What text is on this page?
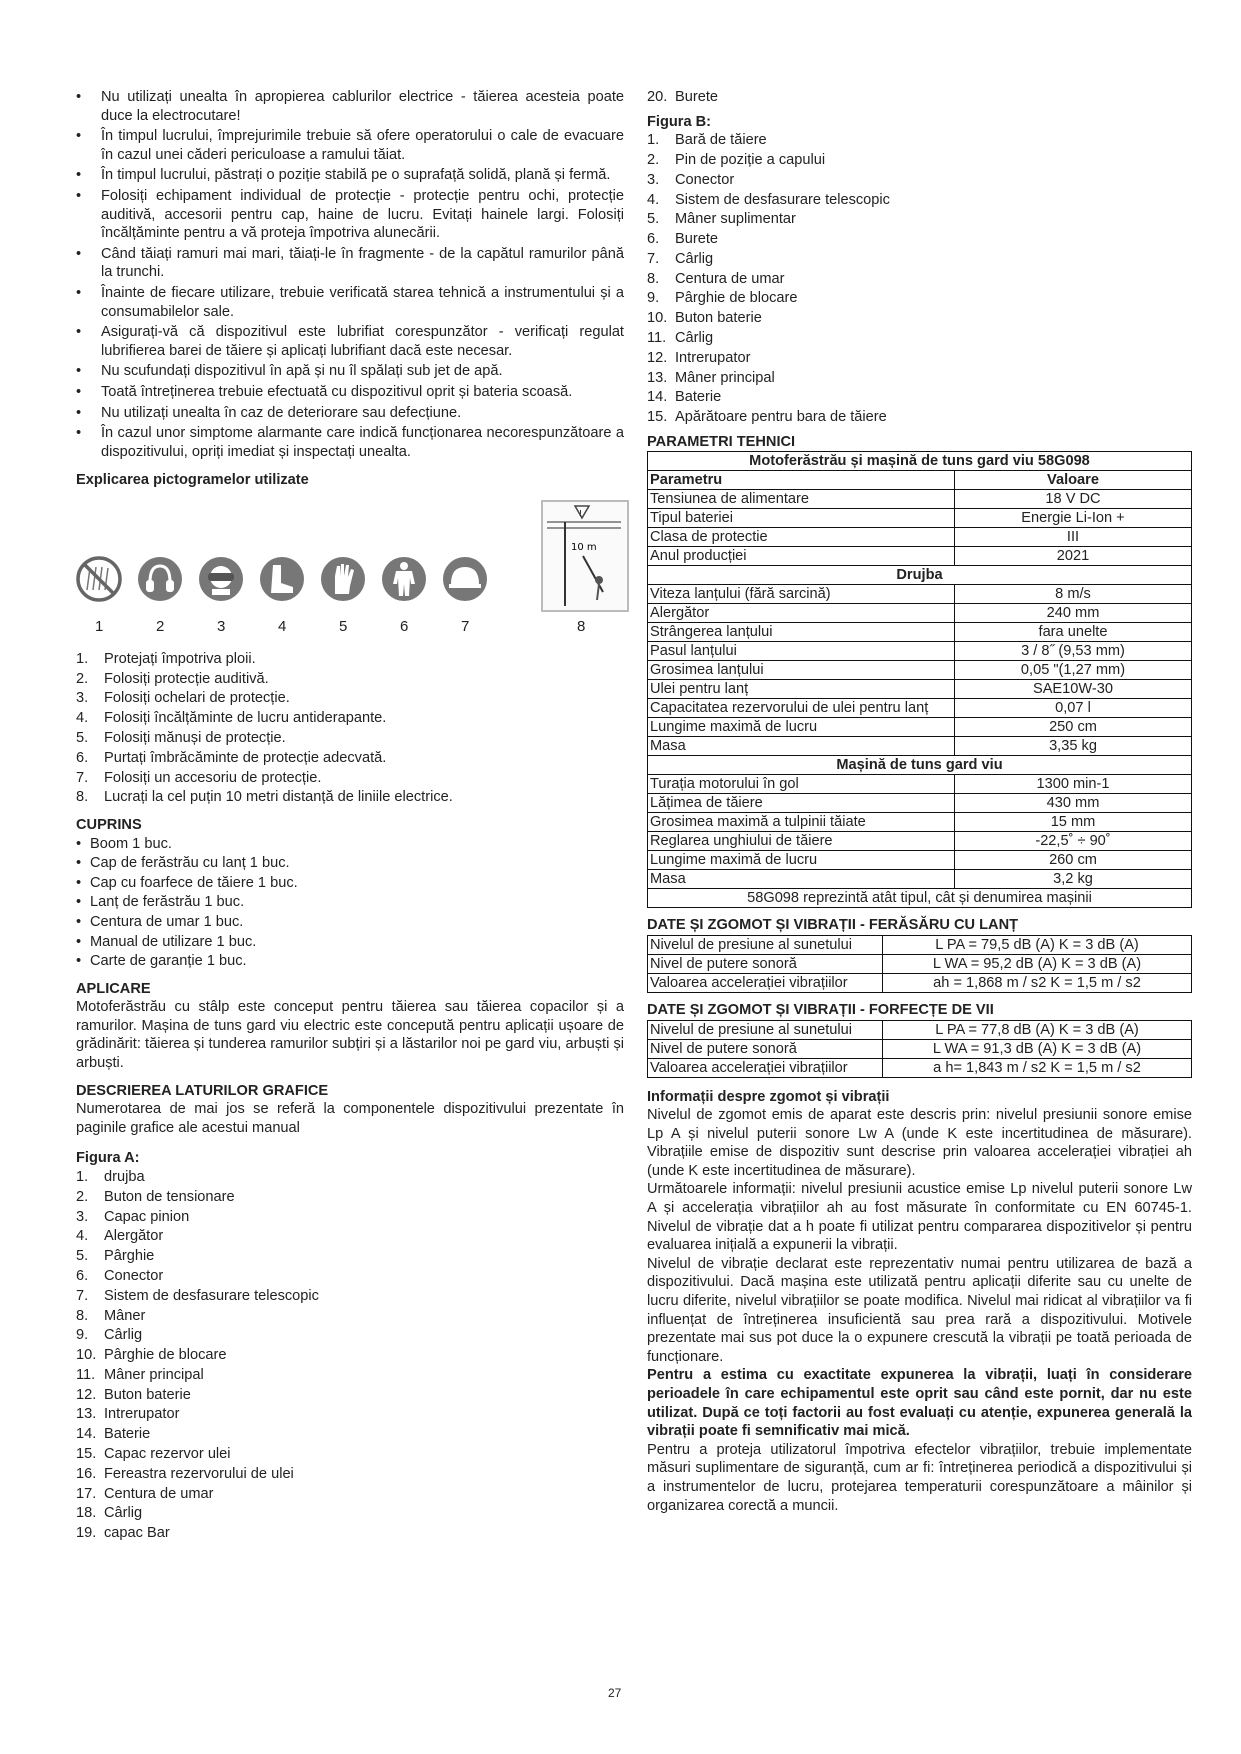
• Nu utilizați unealta în apropierea cablurilor electrice - tăierea acesteia poate duce la electrocutare!
• În timpul lucrului, împrejurimile trebuie să ofere operatorului o cale de evacuare în cazul unei căderi periculoase a ramului tăiat.
• În timpul lucrului, păstrați o poziție stabilă pe o suprafață solidă, plană și fermă.
• Folosiți echipament individual de protecție - protecție pentru ochi, protecție auditivă, accesorii pentru cap, haine de lucru. Evitați hainele largi. Folosiți încălțăminte pentru a vă proteja împotriva alunecării.
• Când tăiați ramuri mai mari, tăiați-le în fragmente - de la capătul ramurilor până la trunchi.
• Înainte de fiecare utilizare, trebuie verificată starea tehnică a instrumentului și a consumabilelor sale.
• Asigurați-vă că dispozitivul este lubrifiat corespunzător - verificați regulat lubrifierea barei de tăiere și aplicați lubrifiant dacă este necesar.
• Nu scufundați dispozitivul în apă și nu îl spălați sub jet de apă.
• Toată întreținerea trebuie efectuată cu dispozitivul oprit și bateria scoasă.
• Nu utilizați unealta în caz de deteriorare sau defecțiune.
• În cazul unor simptome alarmante care indică funcționarea necorespunzătoare a dispozitivului, opriți imediat și inspectați unealta.
Explicarea pictogramelor utilizate
!
10 m
1	2	3	4	5	6	7	8
1.	Protejați împotriva ploii.
2.	Folosiți protecție auditivă.
3.	Folosiți ochelari de protecție.
4.	Folosiți încălțăminte de lucru antiderapante.
5.	Folosiți mănuși de protecție.
6.	Purtați îmbrăcăminte de protecție adecvată.
7.	Folosiți un accesoriu de protecție.
8.	Lucrați la cel puțin 10 metri distanță de liniile electrice.
CUPRINS
• Boom 1 buc.
• Cap de ferăstrău cu lanț 1 buc.
• Cap cu foarfece de tăiere 1 buc.
• Lanț de ferăstrău 1 buc.
• Centura de umar 1 buc.
• Manual de utilizare 1 buc.
• Carte de garanție 1 buc.
APLICARE

Motoferăstrău cu stâlp este conceput pentru tăierea sau tăierea copacilor și a ramurilor. Mașina de tuns gard viu electric este concepută pentru aplicații ușoare de grădinărit: tăierea și tunderea ramurilor subțiri și a lăstarilor noi pe gard viu, arbuști și arbuști.

DESCRIEREA LATURILOR GRAFICE

Numerotarea de mai jos se referă la componentele dispozitivului prezentate în paginile grafice ale acestui manual

Figura A:
1.	drujba
2.	Buton de tensionare
3.	Capac pinion
4.	Alergător
5.	Pârghie
6.	Conector
7.	Sistem de desfasurare telescopic
8.	Mâner
9.	Cârlig
10. Pârghie de blocare
11. Mâner principal
12. Buton baterie
13. Intrerupator
14. Baterie
15. Capac rezervor ulei
16. Fereastra rezervorului de ulei
17. Centura de umar
18. Cârlig
19. capac Bar
20. Burete
Figura B:
1.	Bară de tăiere
2.	Pin de poziție a capului
3.	Conector
4.	Sistem de desfasurare telescopic
5.	Mâner suplimentar
6.	Burete
7.	Cârlig
8.	Centura de umar
9.	Pârghie de blocare
10. Buton baterie
11. Cârlig
12. Intrerupator
13. Mâner principal
14. Baterie
15. Apărătoare pentru bara de tăiere
PARAMETRI TEHNICI
Motoferăstrău și mașină de tuns gard viu 58G098	
Parametru	Valoare
Tensiunea de alimentare	18 V DC
Tipul bateriei	Energie Li-Ion +
Clasa de protectie	III
Anul producției	2021
Drujba	
Viteza lanțului (fără sarcină)	8 m/s
Alergător	240 mm
Strângerea lanțului	fara unelte
Pasul lanțului	3 / 8˝ (9,53 mm)
Grosimea lanțului	0,05 "(1,27 mm)
Ulei pentru lanț	SAE10W-30
Capacitatea rezervorului de ulei pentru lanț	0,07 l
Lungime maximă de lucru	250 cm
Masa	3,35 kg
Mașină de tuns gard viu	
Turația motorului în gol	1300 min-1
Lățimea de tăiere	430 mm
Grosimea maximă a tulpinii tăiate	15 mm
Reglarea unghiului de tăiere	-22,5˚ ÷ 90˚
Lungime maximă de lucru	260 cm
Masa	3,2 kg
58G098 reprezintă atât tipul, cât și denumirea mașinii	
DATE ȘI ZGOMOT ȘI VIBRAȚII - FERĂSĂRU CU LANȚ
Nivelul de presiune al sunetului	L PA = 79,5 dB (A) K = 3 dB (A)
Nivel de putere sonoră	L WA = 95,2 dB (A) K = 3 dB (A)
Valoarea accelerației vibrațiilor	ah = 1,868 m / s2 K = 1,5 m / s2
DATE ȘI ZGOMOT ȘI VIBRAȚII - FORFECȚE DE VII
Nivelul de presiune al sunetului	L PA = 77,8 dB (A) K = 3 dB (A)
Nivel de putere sonoră	L WA = 91,3 dB (A) K = 3 dB (A)
Valoarea accelerației vibrațiilor	a h= 1,843 m / s2 K = 1,5 m / s2
Informații despre zgomot și vibrații

Nivelul de zgomot emis de aparat este descris prin: nivelul presiunii sonore emise Lp A și nivelul puterii sonore Lw A (unde K este incertitudinea de măsurare). Vibrațiile emise de dispozitiv sunt descrise prin valoarea accelerației vibrației ah (unde K este incertitudinea de măsurare).

Următoarele informații: nivelul presiunii acustice emise Lp nivelul puterii sonore Lw A și accelerația vibrațiilor ah au fost măsurate în conformitate cu EN 60745-1. Nivelul de vibrație dat a h poate fi utilizat pentru compararea dispozitivelor și pentru evaluarea inițială a expunerii la vibrații.

Nivelul de vibrație declarat este reprezentativ numai pentru utilizarea de bază a dispozitivului. Dacă mașina este utilizată pentru aplicații diferite sau cu unelte de lucru diferite, nivelul vibrațiilor se poate modifica. Nivelul mai ridicat al vibrațiilor va fi influențat de întreținerea insuficientă sau prea rară a dispozitivului. Motivele prezentate mai sus pot duce la o expunere crescută la vibrații pe toată perioada de funcționare.

Pentru a estima cu exactitate expunerea la vibrații, luați în considerare perioadele în care echipamentul este oprit sau când este pornit, dar nu este utilizat. După ce toți factorii au fost evaluați cu atenție, expunerea generală la vibrații poate fi semnificativ mai mică.

Pentru a proteja utilizatorul împotriva efectelor vibrațiilor, trebuie implementate măsuri suplimentare de siguranță, cum ar fi: întreținerea periodică a dispozitivului și a instrumentelor de lucru, protejarea temperaturii corespunzătoare a mâinilor și organizarea corectă a muncii.

27
